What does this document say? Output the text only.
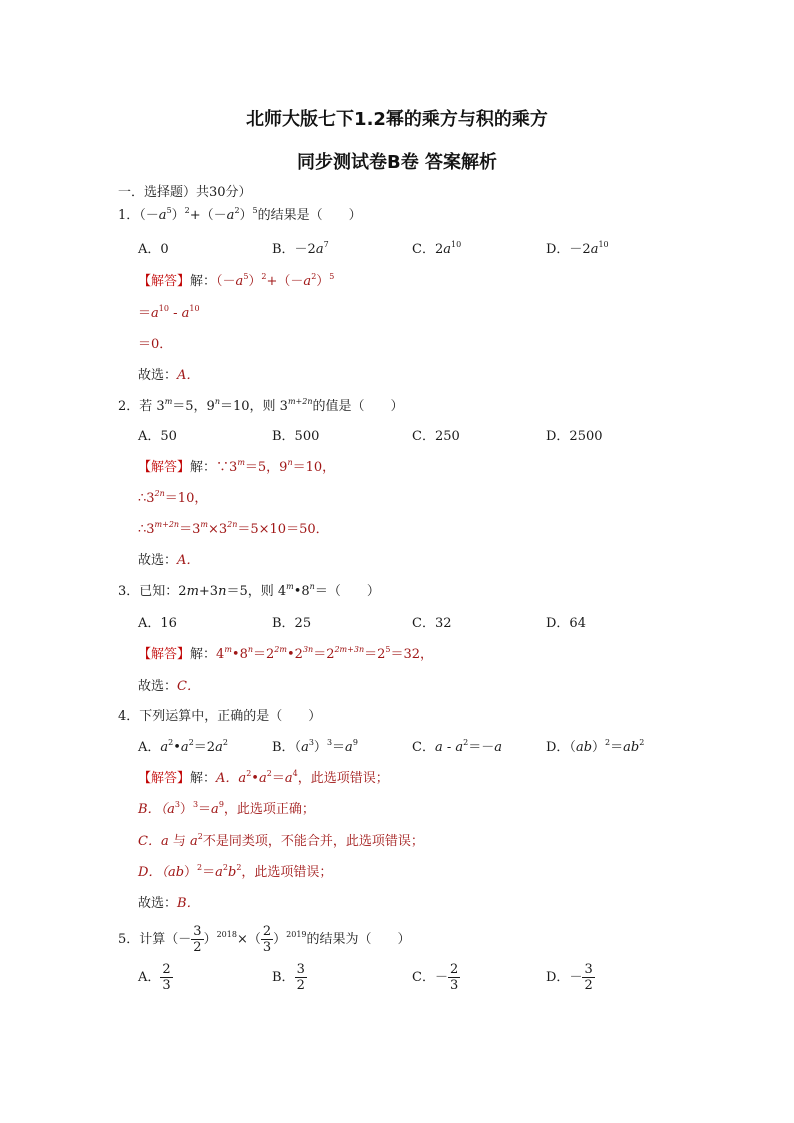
北师大版七下1.2幂的乘方与积的乘方
同步测试卷B卷 答案解析
一．选择题）共30分）
1．$(-a^5)^2+(-a^2)^5$的结果是（　　）
A．0	B．$-2a^7$	C．$2a^{10}$	D．$-2a^{10}$
【解答】解：$(-a^5)^2+(-a^2)^5$
$=a^{10} - a^{10}$
＝0．
故选：A．
2．若 $3^m=5$，$9^n=10$，则 $3^{m+2n}$的值是（　　）
A．50	B．500	C．250	D．2500
【解答】解：$\because 3^m=5$，$9^n=10$，
$\therefore 3^{2n}=10$，
$\therefore 3^{m+2n}=3^m\times 3^{2n}=5\times 10=50$．
故选：A．
3．已知：2m+3n＝5，则 $4^m•8^n=$（　　）
A．16	B．25	C．32	D．64
【解答】解：$4^m•8^n=2^{2m}•2^{3n}=2^{2m+3n}=2^5=32$，
故选：C．
4．下列运算中，正确的是（　　）
A．$a^2•a^2=2a^2$	B．$(a^3)^3=a^9$	C．$a - a^2=-a$	D．$(ab)^2=ab^2$
【解答】解：A．$a^2•a^2=a^4$，此选项错误；
B．$(a^3)^3=a^9$，此选项正确；
C．a 与 $a^2$不是同类项，不能合并，此选项错误；
D．$(ab)^2=a^2b^2$，此选项错误；
故选：B．
5．计算（－ $\frac{3}{2} )^{2018}\times( \frac{2}{3} )^{2019}$的结果为（　　）
A． $\frac{2}{3}$	B． $\frac{3}{2}$	C．－ $\frac{2}{3}$	D．－ $\frac{3}{2}$
